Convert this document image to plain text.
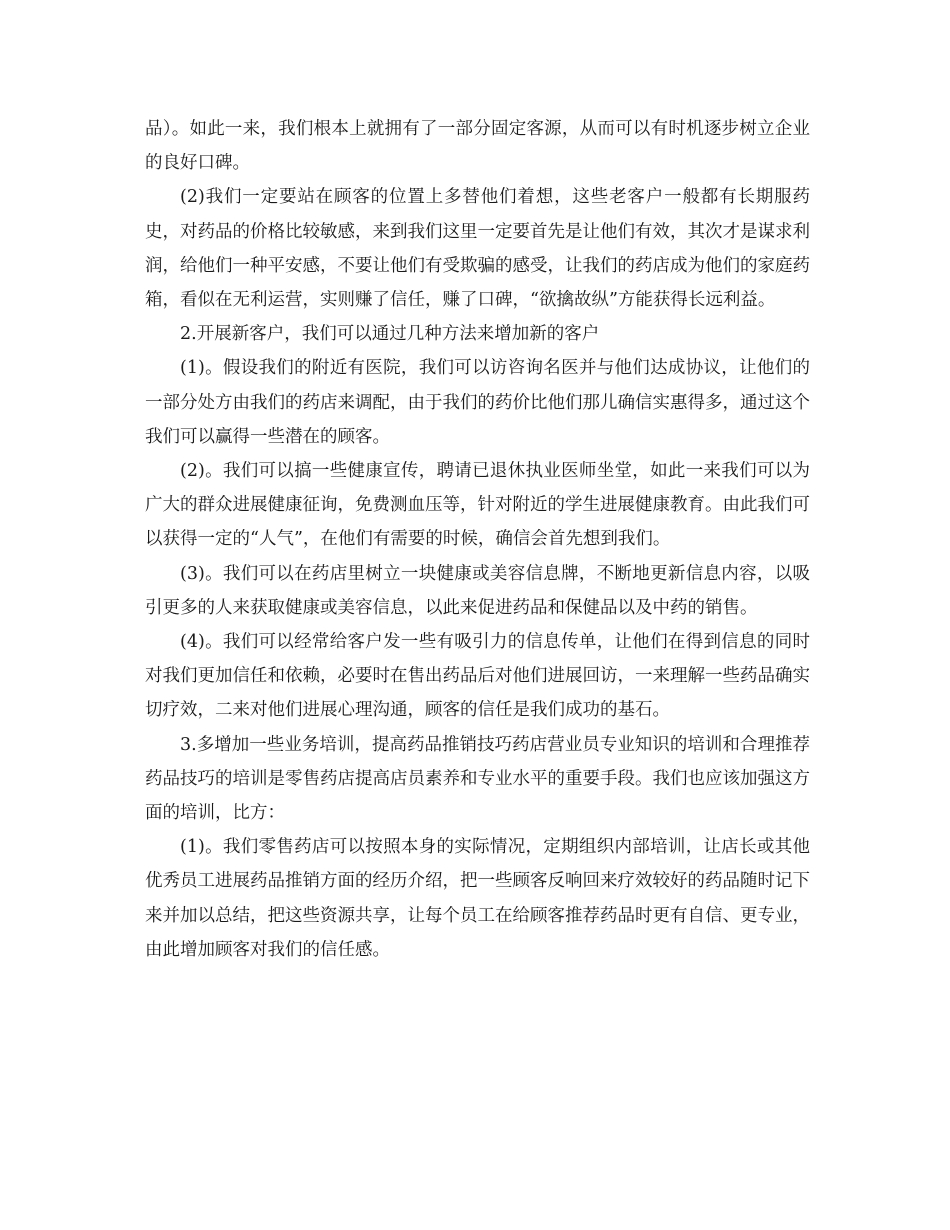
品）。如此一来，我们根本上就拥有了一部分固定客源，从而可以有时机逐步树立企业的良好口碑。

(2)我们一定要站在顾客的位置上多替他们着想，这些老客户一般都有长期服药史，对药品的价格比较敏感，来到我们这里一定要首先是让他们有效，其次才是谋求利润，给他们一种平安感，不要让他们有受欺骗的感受，让我们的药店成为他们的家庭药箱，看似在无利运营，实则赚了信任，赚了口碑，“欲擒故纵”方能获得长远利益。

2.开展新客户，我们可以通过几种方法来增加新的客户

(1)。假设我们的附近有医院，我们可以访咨询名医并与他们达成协议，让他们的一部分处方由我们的药店来调配，由于我们的药价比他们那儿确信实惠得多，通过这个我们可以赢得一些潜在的顾客。

(2)。我们可以搞一些健康宣传，聘请已退休执业医师坐堂，如此一来我们可以为广大的群众进展健康征询，免费测血压等，针对附近的学生进展健康教育。由此我们可以获得一定的“人气”，在他们有需要的时候，确信会首先想到我们。

(3)。我们可以在药店里树立一块健康或美容信息牌，不断地更新信息内容，以吸引更多的人来获取健康或美容信息，以此来促进药品和保健品以及中药的销售。

(4)。我们可以经常给客户发一些有吸引力的信息传单，让他们在得到信息的同时对我们更加信任和依赖，必要时在售出药品后对他们进展回访，一来理解一些药品确实切疗效，二来对他们进展心理沟通，顾客的信任是我们成功的基石。

3.多增加一些业务培训，提高药品推销技巧药店营业员专业知识的培训和合理推荐药品技巧的培训是零售药店提高店员素养和专业水平的重要手段。我们也应该加强这方面的培训，比方：

(1)。我们零售药店可以按照本身的实际情况，定期组织内部培训，让店长或其他优秀员工进展药品推销方面的经历介绍，把一些顾客反响回来疗效较好的药品随时记下来并加以总结，把这些资源共享，让每个员工在给顾客推荐药品时更有自信、更专业，由此增加顾客对我们的信任感。
